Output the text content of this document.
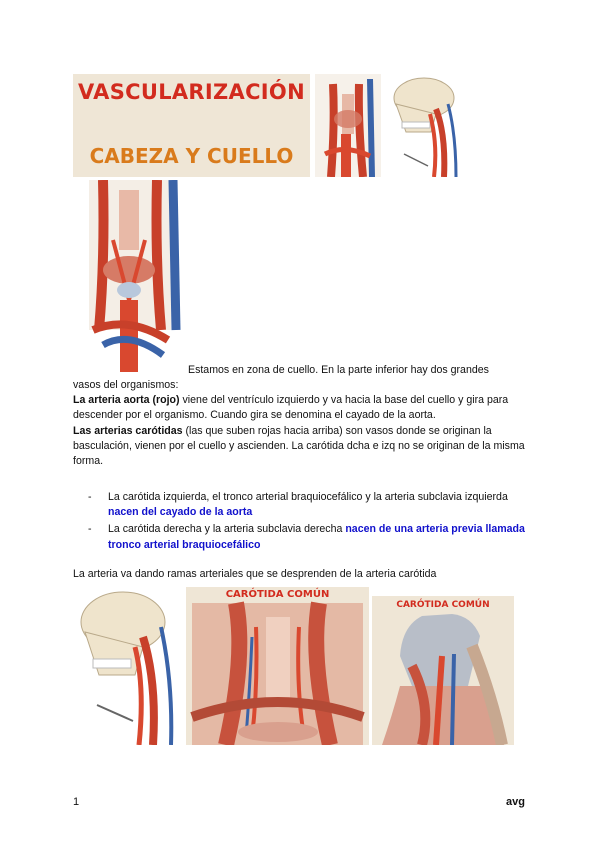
VASCULARIZACIÓN
CABEZA Y CUELLO
Estamos en zona de cuello. En la parte inferior hay dos grandes
vasos del organismos:
La arteria aorta (rojo) viene del ventrículo izquierdo y va hacia la base del cuello y gira para descender por el organismo. Cuando gira se denomina el cayado de la aorta.
Las arterias carótidas (las que suben rojas hacia arriba) son vasos donde se originan la basculación, vienen por el cuello y ascienden. La carótida dcha e izq no se originan de la misma forma.
- La carótida izquierda, el tronco arterial braquiocefálico y la arteria subclavia izquierda nacen del cayado de la aorta
- La carótida derecha y la arteria subclavia derecha nacen de una arteria previa llamada tronco arterial braquiocefálico
La arteria va dando ramas arteriales que se desprenden de la arteria carótida
CARÓTIDA COMÚN
CARÓTIDA COMÚN
1	avg
